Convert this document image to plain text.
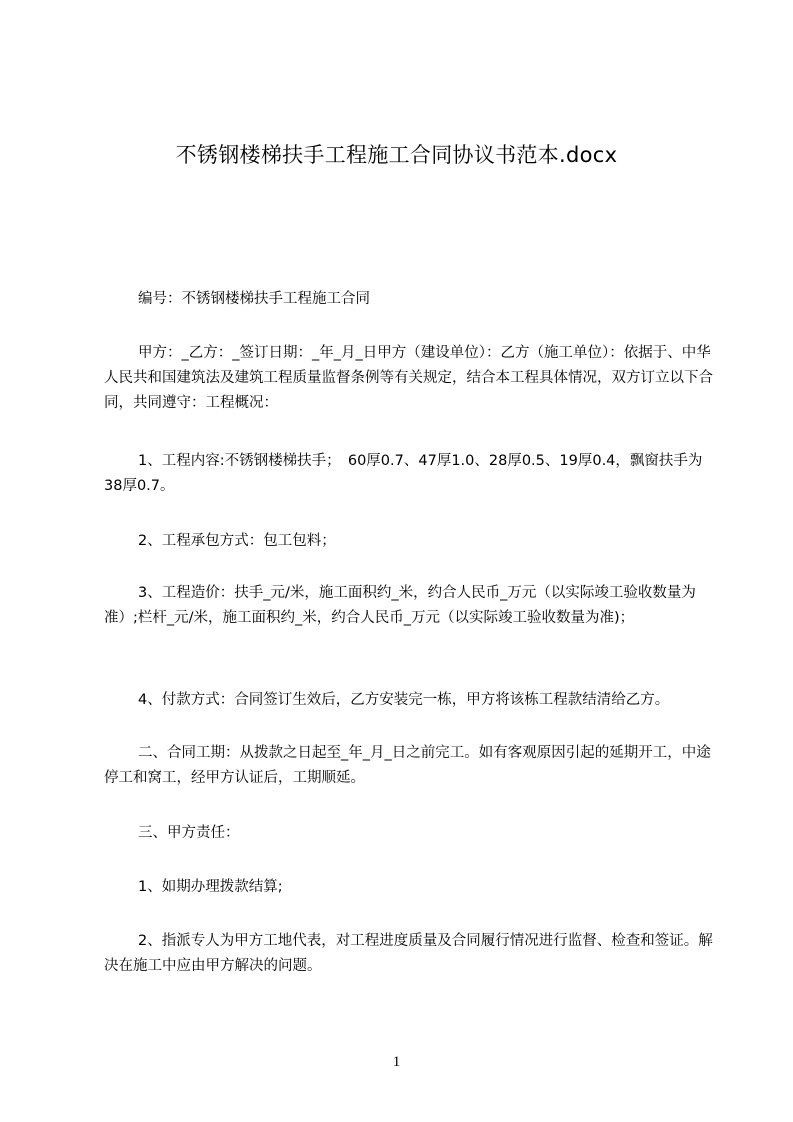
不锈钢楼梯扶手工程施工合同协议书范本.docx

编号：不锈钢楼梯扶手工程施工合同

甲方：_乙方：_签订日期：_年_月_日甲方（建设单位）：乙方（施工单位）：依据于、中华人民共和国建筑法及建筑工程质量监督条例等有关规定，结合本工程具体情况，双方订立以下合同，共同遵守：工程概况：

1、工程内容:不锈钢楼梯扶手；　60厚0.7、47厚1.0、28厚0.5、19厚0.4，飘窗扶手为38厚0.7。

2、工程承包方式：包工包料；

3、工程造价：扶手_元/米，施工面积约_米，约合人民币_万元（以实际竣工验收数量为准）;栏杆_元/米，施工面积约_米，约合人民币_万元（以实际竣工验收数量为准)；

4、付款方式：合同签订生效后，乙方安装完一栋，甲方将该栋工程款结清给乙方。

二、合同工期：从拨款之日起至_年_月_日之前完工。如有客观原因引起的延期开工，中途停工和窝工，经甲方认证后，工期顺延。

三、甲方责任：

1、如期办理拨款结算;

2、指派专人为甲方工地代表，对工程进度质量及合同履行情况进行监督、检查和签证。解决在施工中应由甲方解决的问题。

1
